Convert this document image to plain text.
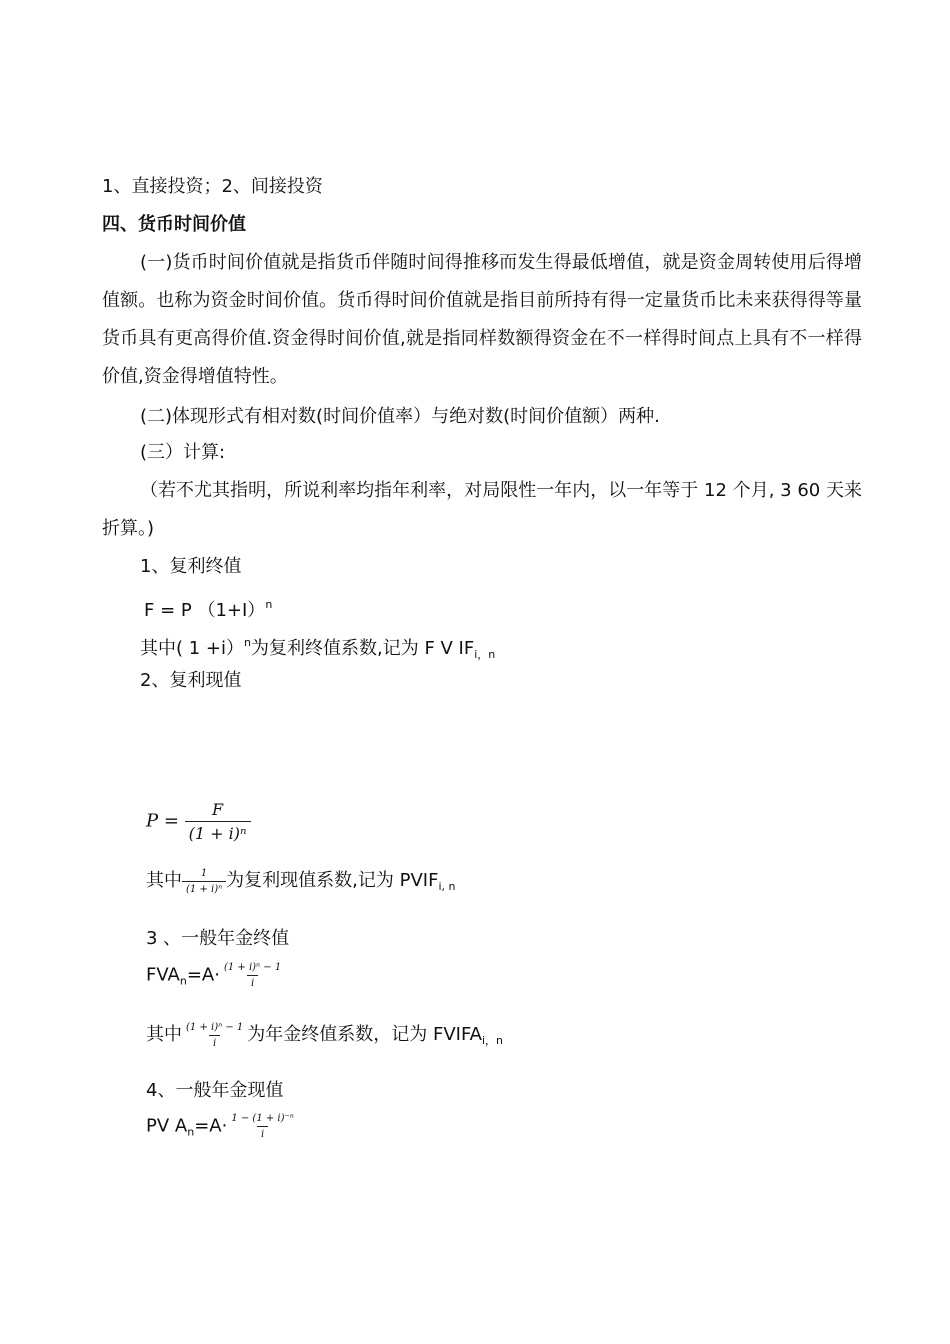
1、直接投资；2、间接投资
四、货币时间价值
(一)货币时间价值就是指货币伴随时间得推移而发生得最低增值，就是资金周转使用后得增值额。也称为资金时间价值。货币得时间价值就是指目前所持有得一定量货币比未来获得得等量货币具有更高得价值.资金得时间价值,就是指同样数额得资金在不一样得时间点上具有不一样得价值,资金得增值特性。
(二)体现形式有相对数(时间价值率）与绝对数(时间价值额）两种.
(三）计算:
（若不尤其指明，所说利率均指年利率，对局限性一年内，以一年等于 12 个月, 3 60 天来折算。)
1、复利终值
F = P $(1+I)^n$
其中( 1 +i）$^n$为复利终值系数,记为 F V $IF_{i,n}$
2、复利现值
$P = \frac{F}{\text{(1 + i)ⁿ}}$
其中 $\frac{1}{\text{(1 + i)ⁿ}}$ 为复利现值系数,记为 $PVIF_{i, n}$
3 、一般年金终值
$FVA_n=A\cdot \frac{\text{(1 + i)ⁿ − 1}}{i}$
其中 $\frac{\text{(1 + i)ⁿ − 1}}{i}$ 为年金终值系数，记为 $FVIFA_{i,n}$
4、一般年金现值
PV $A_n=A\cdot \frac{\text{1 − (1 + i)⁻ⁿ}}{i}$
